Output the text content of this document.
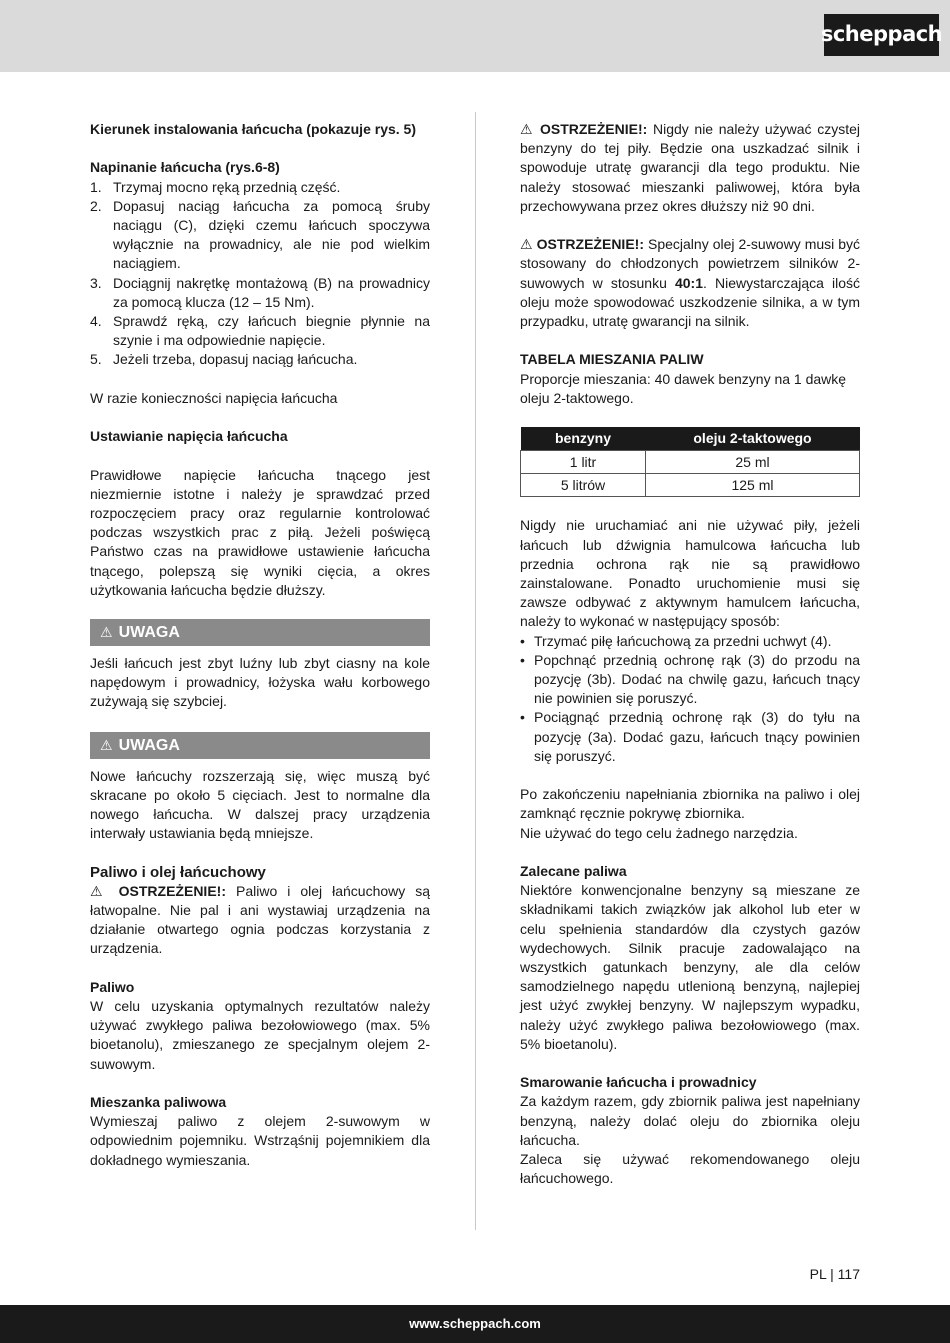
scheppach

Kierunek instalowania łańcucha (pokazuje rys. 5)

Napinanie łańcucha (rys.6-8)

1. Trzymaj mocno ręką przednią część.
2. Dopasuj naciąg łańcucha za pomocą śruby naciągu (C), dzięki czemu łańcuch spoczywa wyłącznie na prowadnicy, ale nie pod wielkim naciągiem.
3. Dociągnij nakrętkę montażową (B) na prowadnicy za pomocą klucza (12 – 15 Nm).
4. Sprawdź ręką, czy łańcuch biegnie płynnie na szynie i ma odpowiednie napięcie.
5. Jeżeli trzeba, dopasuj naciąg łańcucha.

W razie konieczności napięcia łańcucha

Ustawianie napięcia łańcucha

Prawidłowe napięcie łańcucha tnącego jest niezmiernie istotne i należy je sprawdzać przed rozpoczęciem pracy oraz regularnie kontrolować podczas wszystkich prac z piłą. Jeżeli poświęcą Państwo czas na prawidłowe ustawienie łańcucha tnącego, polepszą się wyniki cięcia, a okres użytkowania łańcucha będzie dłuższy.

⚠ UWAGA

Jeśli łańcuch jest zbyt luźny lub zbyt ciasny na kole napędowym i prowadnicy, łożyska wału korbowego zużywają się szybciej.

⚠ UWAGA

Nowe łańcuchy rozszerzają się, więc muszą być skracane po około 5 cięciach. Jest to normalne dla nowego łańcucha. W dalszej pracy urządzenia interwały ustawiania będą mniejsze.

Paliwo i olej łańcuchowy

⚠ OSTRZEŻENIE!: Paliwo i olej łańcuchowy są łatwopalne. Nie pal i ani wystawiaj urządzenia na działanie otwartego ognia podczas korzystania z urządzenia.

Paliwo

W celu uzyskania optymalnych rezultatów należy używać zwykłego paliwa bezołowiowego (max. 5% bioetanolu), zmieszanego ze specjalnym olejem 2-suwowym.

Mieszanka paliwowa

Wymieszaj paliwo z olejem 2-suwowym w odpowiednim pojemniku. Wstrząśnij pojemnikiem dla dokładnego wymieszania.

⚠ OSTRZEŻENIE!: Nigdy nie należy używać czystej benzyny do tej piły. Będzie ona uszkadzać silnik i spowoduje utratę gwarancji dla tego produktu. Nie należy stosować mieszanki paliwowej, która była przechowywana przez okres dłuższy niż 90 dni.

⚠ OSTRZEŻENIE!: Specjalny olej 2-suwowy musi być stosowany do chłodzonych powietrzem silników 2-suwowych w stosunku 40:1. Niewystarczająca ilość oleju może spowodować uszkodzenie silnika, a w tym przypadku, utratę gwarancji na silnik.

TABELA MIESZANIA PALIW

Proporcje mieszania: 40 dawek benzyny na 1 dawkę oleju 2-taktowego.

benzyny	oleju 2-taktowego
1 litr	25 ml
5 litrów	125 ml

Nigdy nie uruchamiać ani nie używać piły, jeżeli łańcuch lub dźwignia hamulcowa łańcucha lub przednia ochrona rąk nie są prawidłowo zainstalowane. Ponadto uruchomienie musi się zawsze odbywać z aktywnym hamulcem łańcucha, należy to wykonać w następujący sposób:

• Trzymać piłę łańcuchową za przedni uchwyt (4).
• Popchnąć przednią ochronę rąk (3) do przodu na pozycję (3b). Dodać na chwilę gazu, łańcuch tnący nie powinien się poruszyć.
• Pociągnąć przednią ochronę rąk (3) do tyłu na pozycję (3a). Dodać gazu, łańcuch tnący powinien się poruszyć.

Po zakończeniu napełniania zbiornika na paliwo i olej zamknąć ręcznie pokrywę zbiornika.

Nie używać do tego celu żadnego narzędzia.

Zalecane paliwa

Niektóre konwencjonalne benzyny są mieszane ze składnikami takich związków jak alkohol lub eter w celu spełnienia standardów dla czystych gazów wydechowych. Silnik pracuje zadowalająco na wszystkich gatunkach benzyny, ale dla celów samodzielnego napędu utlenioną benzyną, najlepiej jest użyć zwykłej benzyny. W najlepszym wypadku, należy użyć zwykłego paliwa bezołowiowego (max. 5% bioetanolu).

Smarowanie łańcucha i prowadnicy

Za każdym razem, gdy zbiornik paliwa jest napełniany benzyną, należy dolać oleju do zbiornika oleju łańcucha.

Zaleca się używać rekomendowanego oleju łańcuchowego.

PL | 117
www.scheppach.com
